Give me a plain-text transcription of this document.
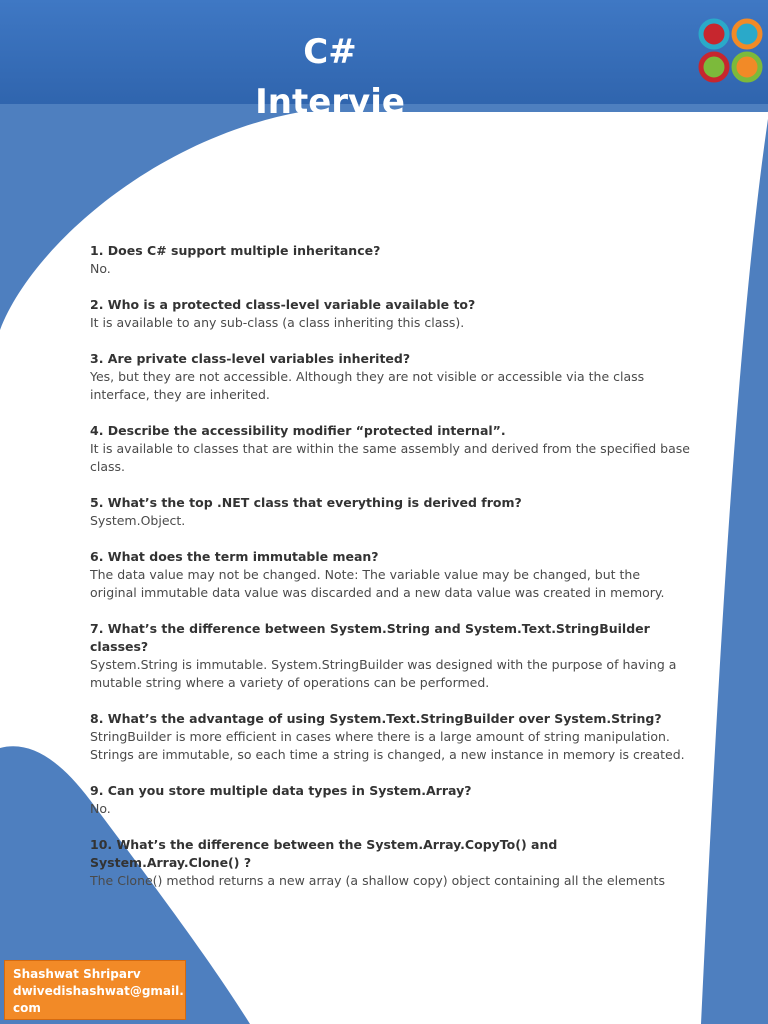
C#
Intervie
1. Does C# support multiple inheritance?
No.
2. Who is a protected class-level variable available to?
It is available to any sub-class (a class inheriting this class).
3. Are private class-level variables inherited?
Yes, but they are not accessible. Although they are not visible or accessible via the class interface, they are inherited.
4. Describe the accessibility modifier “protected internal”.
It is available to classes that are within the same assembly and derived from the specified base class.
5. What’s the top .NET class that everything is derived from?
System.Object.
6. What does the term immutable mean?
The data value may not be changed. Note: The variable value may be changed, but the original immutable data value was discarded and a new data value was created in memory.
7. What’s the difference between System.String and System.Text.StringBuilder classes?
System.String is immutable. System.StringBuilder was designed with the purpose of having a mutable string where a variety of operations can be performed.
8. What’s the advantage of using System.Text.StringBuilder over System.String?
StringBuilder is more efficient in cases where there is a large amount of string manipulation. Strings are immutable, so each time a string is changed, a new instance in memory is created.
9. Can you store multiple data types in System.Array?
No.
10. What’s the difference between the System.Array.CopyTo() and System.Array.Clone() ?
The Clone() method returns a new array (a shallow copy) object containing all the elements
Shashwat Shriparv
dwivedishashwat@gmail.
com
